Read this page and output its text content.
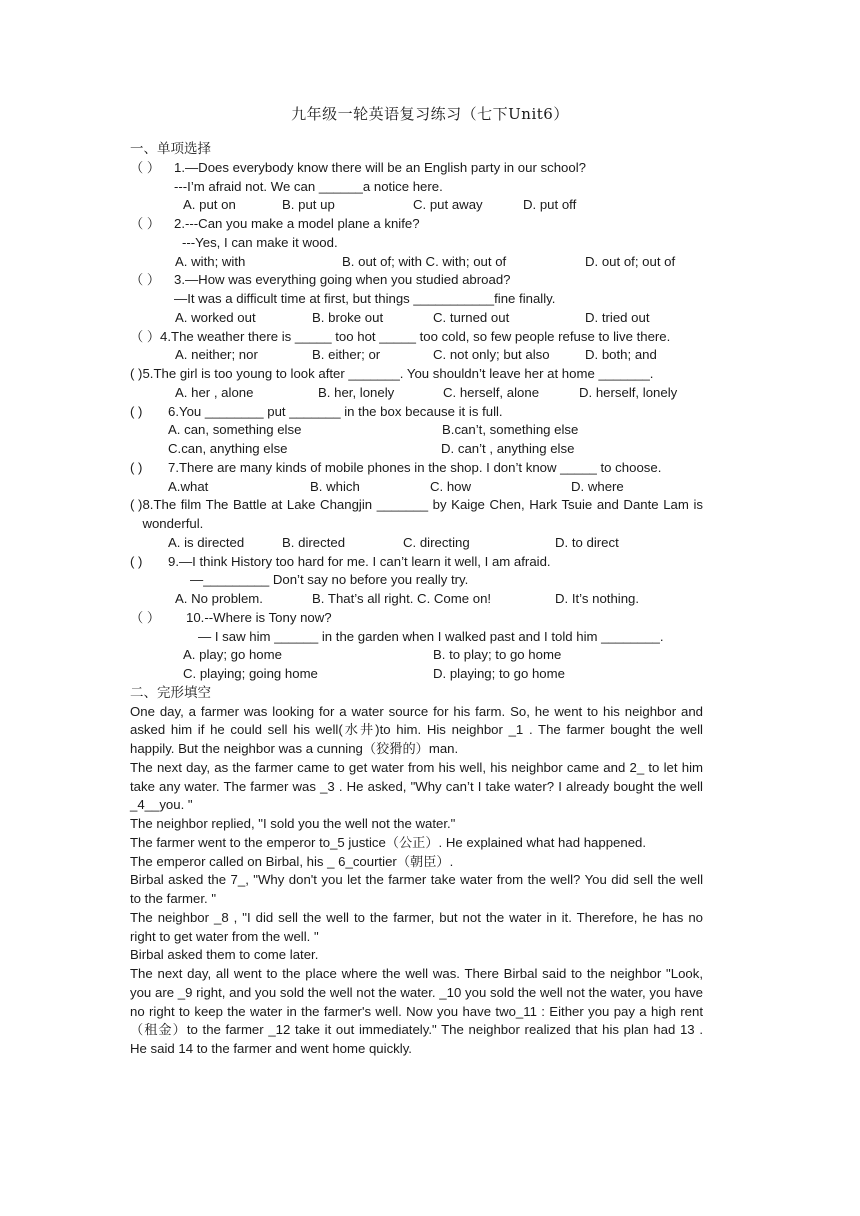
九年级一轮英语复习练习（七下Unit6）
一、单项选择
（ ） 1.—Does everybody know there will be an English party in our school?
---I’m afraid not. We can ______a notice here.
A. put on	B. put up	C. put away	D. put off
（ ） 2.---Can you make a model plane a knife?
---Yes, I can make it wood.
A. with; with	B. out of; with C. with; out of	D. out of; out of
（ ） 3.—How was everything going when you studied abroad?
—It was a difficult time at first, but things ___________fine finally.
A. worked out	B. broke out	C. turned out	D. tried out
（ ） 4.The weather there is _____ too hot _____ too cold, so few people refuse to live there.
A. neither; nor	B. either; or	C. not only; but also	D. both; and
( ) 5.The girl is too young to look after _______. You shouldn’t leave her at home _______.
A. her , alone	B. her, lonely	C. herself, alone	D. herself, lonely
( ) 6.You ________ put _______ in the box because it is full.
A. can, something else	B.can’t, something else
C.can, anything else	D. can’t , anything else
( ) 7.There are many kinds of mobile phones in the shop. I don’t know _____ to choose.
A.what	B. which	C. how	D. where
( ) 8.The film The Battle at Lake Changjin _______ by Kaige Chen, Hark Tsuie and Dante Lam is wonderful.
A. is directed	B. directed	C. directing	D. to direct
( ) 9.—I think History too hard for me. I can’t learn it well, I am afraid.
—_________ Don’t say no before you really try.
A. No problem.	B. That’s all right. C. Come on!	D. It’s nothing.
（ ） 10.--Where is Tony now?
— I saw him ______ in the garden when I walked past and I told him ________.
A. play; go home	B. to play; to go home
C. playing; going home	D. playing; to go home
二、完形填空
One day, a farmer was looking for a water source for his farm. So, he went to his neighbor and asked him if he could sell his well(水井)to him. His neighbor _1 . The farmer bought the well happily. But the neighbor was a cunning（狡猾的）man.
The next day, as the farmer came to get water from his well, his neighbor came and 2_ to let him take any water. The farmer was _3 . He asked, "Why can’t I take water? I already bought the well _4__you. "
The neighbor replied, "I sold you the well not the water."
The farmer went to the emperor to_5 justice（公正）. He explained what had happened.
The emperor called on Birbal, his _ 6_courtier（朝臣）.
Birbal asked the 7_, "Why don't you let the farmer take water from the well? You did sell the well to the farmer. "
The neighbor _8 , "I did sell the well to the farmer, but not the water in it. Therefore, he has no right to get water from the well. "
Birbal asked them to come later.
The next day, all went to the place where the well was. There Birbal said to the neighbor "Look, you are _9 right, and you sold the well not the water. _10 you sold the well not the water, you have no right to keep the water in the farmer's well. Now you have two_11 : Either you pay a high rent（租金）to the farmer _12 take it out immediately." The neighbor realized that his plan had 13 . He said 14 to the farmer and went home quickly.
